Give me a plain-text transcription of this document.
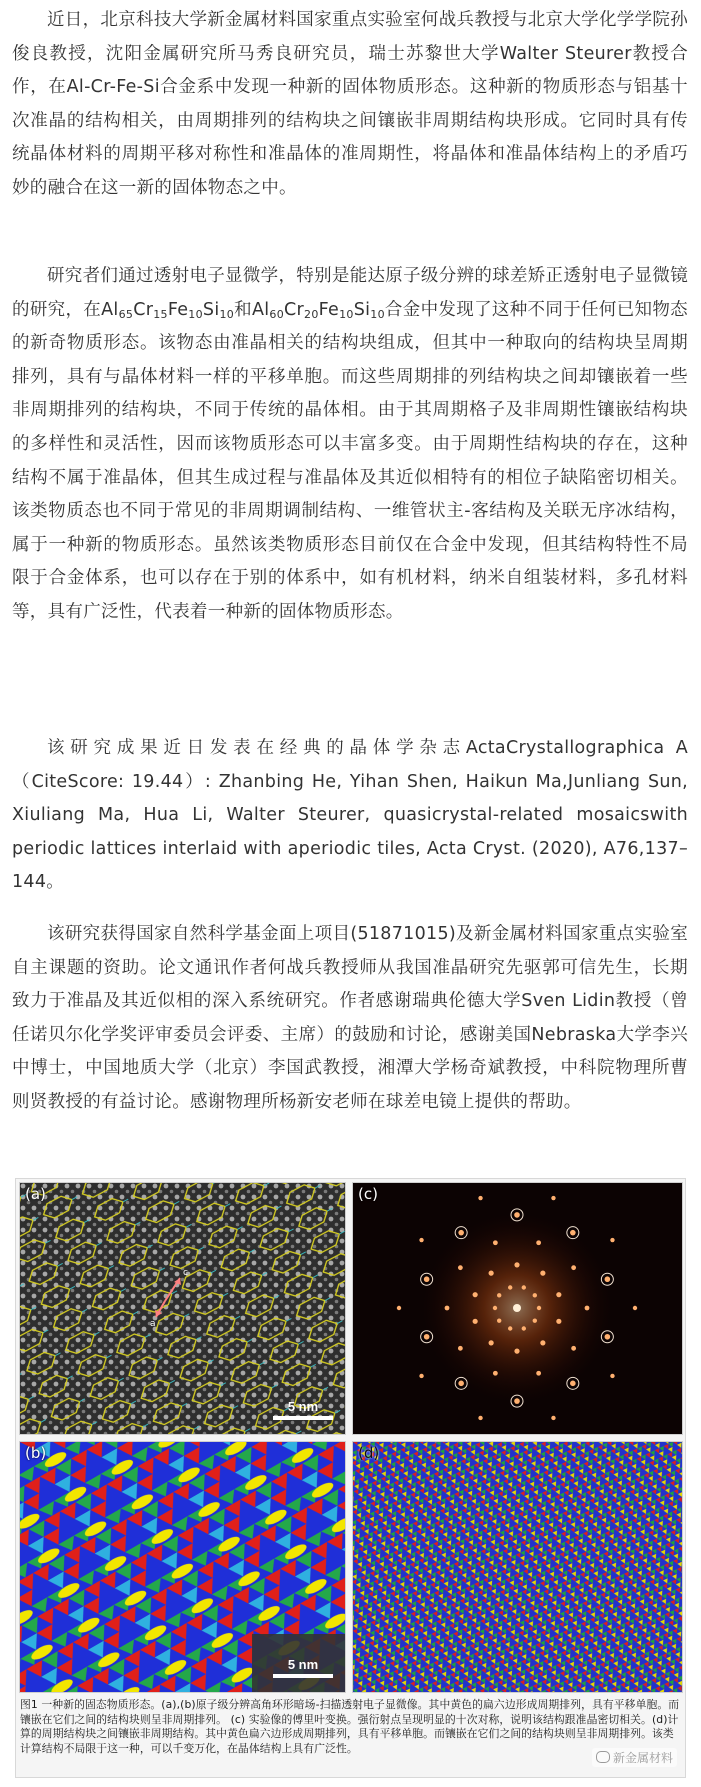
近日，北京科技大学新金属材料国家重点实验室何战兵教授与北京大学化学学院孙俊良教授，沈阳金属研究所马秀良研究员，瑞士苏黎世大学Walter Steurer教授合作，在Al-Cr-Fe-Si合金系中发现一种新的固体物质形态。这种新的物质形态与铝基十次准晶的结构相关，由周期排列的结构块之间镶嵌非周期结构块形成。它同时具有传统晶体材料的周期平移对称性和准晶体的准周期性，将晶体和准晶体结构上的矛盾巧妙的融合在这一新的固体物态之中。

研究者们通过透射电子显微学，特别是能达原子级分辨的球差矫正透射电子显微镜的研究，在$Al_{65}Cr_{15}Fe_{10}Si_{10}$和$Al_{60}Cr_{20}Fe_{10}Si_{10}$合金中发现了这种不同于任何已知物态的新奇物质形态。该物态由准晶相关的结构块组成，但其中一种取向的结构块呈周期排列，具有与晶体材料一样的平移单胞。而这些周期排的列结构块之间却镶嵌着一些非周期排列的结构块，不同于传统的晶体相。由于其周期格子及非周期性镶嵌结构块的多样性和灵活性，因而该物质形态可以丰富多变。由于周期性结构块的存在，这种结构不属于准晶体，但其生成过程与准晶体及其近似相特有的相位子缺陷密切相关。该类物质态也不同于常见的非周期调制结构、一维管状主-客结构及关联无序冰结构，属于一种新的物质形态。虽然该类物质形态目前仅在合金中发现，但其结构特性不局限于合金体系，也可以存在于别的体系中，如有机材料，纳米自组装材料，多孔材料等，具有广泛性，代表着一种新的固体物质形态。

该研究成果近日发表在经典的晶体学杂志ActaCrystallographica A （CiteScore: 19.44）: Zhanbing He, Yihan Shen, Haikun Ma,Junliang Sun, Xiuliang Ma, Hua Li, Walter Steurer, quasicrystal-related mosaicswith periodic lattices interlaid with aperiodic tiles, Acta Cryst. (2020), A76,137–144。

该研究获得国家自然科学基金面上项目(51871015)及新金属材料国家重点实验室自主课题的资助。论文通讯作者何战兵教授师从我国准晶研究先驱郭可信先生，长期致力于准晶及其近似相的深入系统研究。作者感谢瑞典伦德大学Sven Lidin教授（曾任诺贝尔化学奖评审委员会评委、主席）的鼓励和讨论，感谢美国Nebraska大学李兴中博士，中国地质大学（北京）李国武教授，湘潭大学杨奇斌教授，中科院物理所曹则贤教授的有益讨论。感谢物理所杨新安老师在球差电镜上提供的帮助。

(a)
c
a
5 nm
(c)
(b)
5 nm
(d)
图1 一种新的固态物质形态。(a),(b)原子级分辨高角环形暗场-扫描透射电子显微像。其中黄色的扁六边形成周期排列，具有平移单胞。而镶嵌在它们之间的结构块则呈非周期排列。 (c) 实验像的傅里叶变换。强衍射点呈现明显的十次对称，说明该结构跟准晶密切相关。(d)计算的周期结构块之间镶嵌非周期结构。其中黄色扁六边形成周期排列，具有平移单胞。而镶嵌在它们之间的结构块则呈非周期排列。该类计算结构不局限于这一种，可以千变万化，在晶体结构上具有广泛性。
新金属材料
